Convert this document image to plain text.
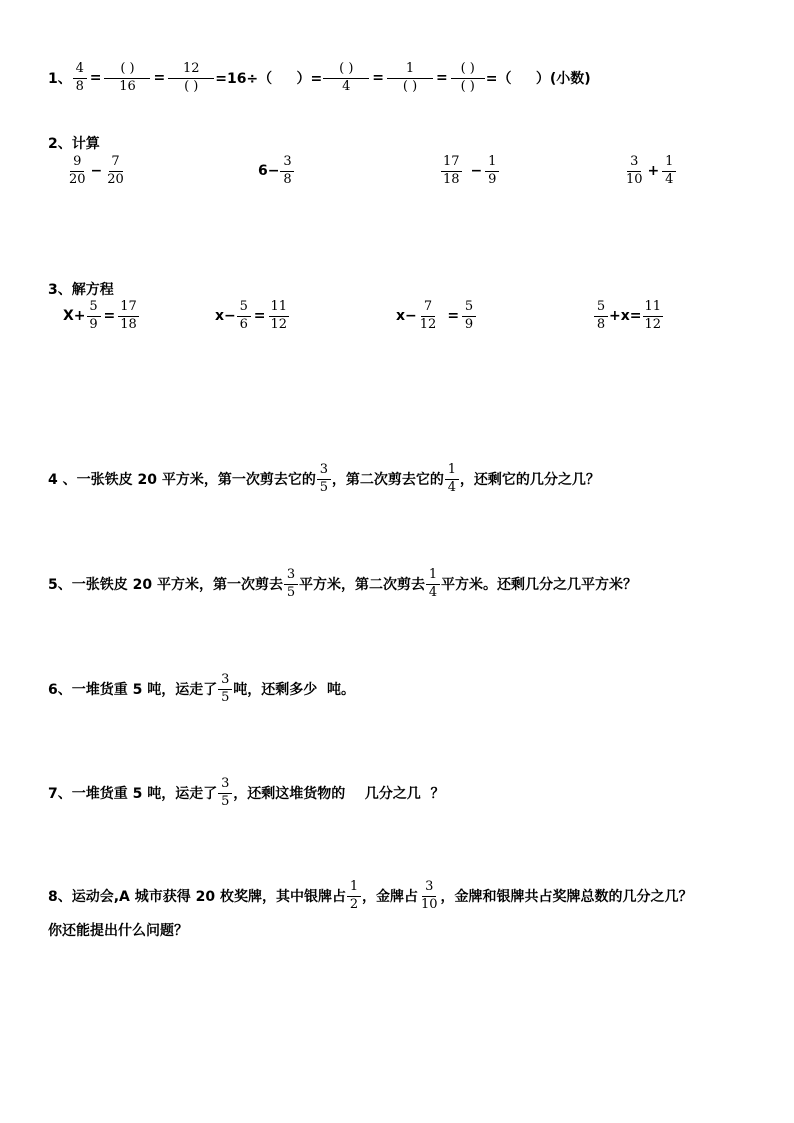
1、 $\frac{4}{8} = \frac{( )}{16} = \frac{12}{( )} =16\div$（     ）= $\frac{( )}{4} = \frac{1}{( )} = \frac{( )}{( )}$ =（     ）(小数)
2、计算
$\frac{9}{20} - \frac{7}{20}$	$6- \frac{3}{8}$	$\frac{17}{18} - \frac{1}{9}$	$\frac{3}{10} + \frac{1}{4}$
3、解方程
$X+ \frac{5}{9} = \frac{17}{18}$	$x- \frac{5}{6} = \frac{11}{12}$	$x- \frac{7}{12} = \frac{5}{9}$	$\frac{5}{8} +x= \frac{11}{12}$
4 、一张铁皮 20 平方米，第一次剪去它的 $\frac{3}{5}$ ，第二次剪去它的 $\frac{1}{4}$ ，还剩它的几分之几？
5、一张铁皮 20 平方米，第一次剪去 $\frac{3}{5}$ 平方米，第二次剪去 $\frac{1}{4}$ 平方米。还剩几分之几平方米？
6、一堆货重 5 吨，运走了 $\frac{3}{5}$ 吨，还剩多少  吨。
7、一堆货重 5 吨，运走了 $\frac{3}{5}$ ，还剩这堆货物的    几分之几  ？
8、运动会,A 城市获得 20 枚奖牌，其中银牌占 $\frac{1}{2}$ ，金牌占 $\frac{3}{10}$ ，金牌和银牌共占奖牌总数的几分之几？
你还能提出什么问题？
